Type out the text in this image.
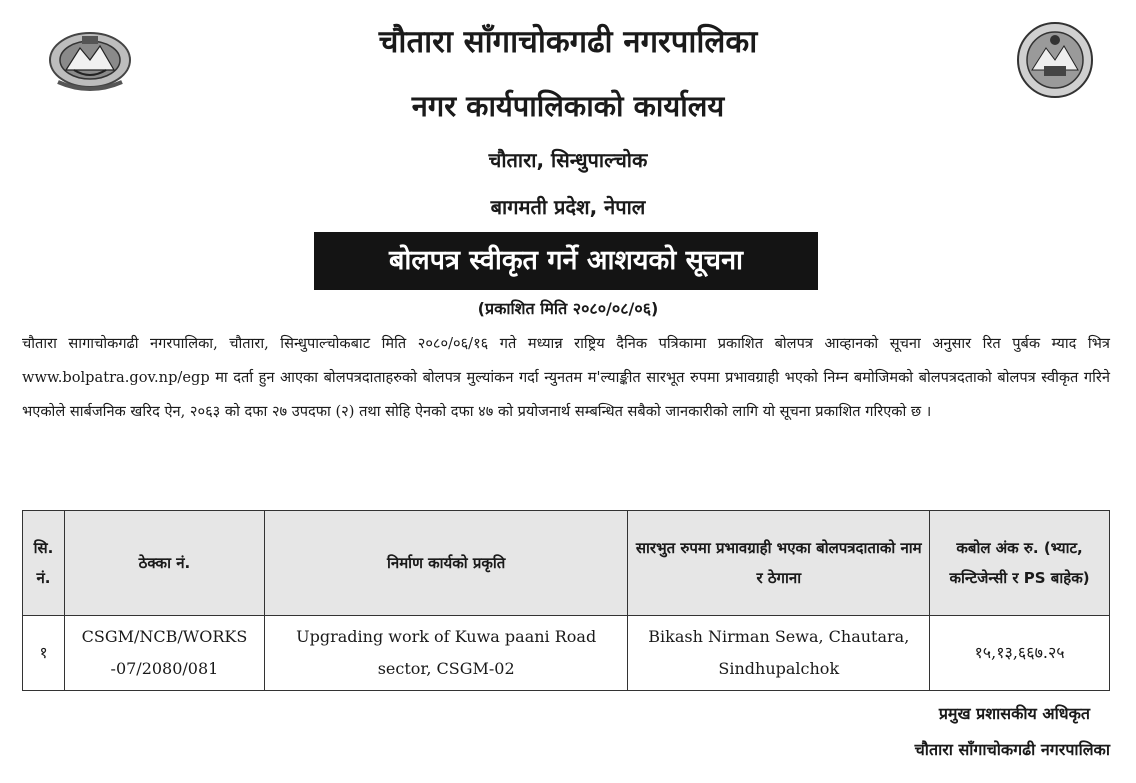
चौतारा साँगाचोकगढी नगरपालिका
नगर कार्यपालिकाको कार्यालय
चौतारा, सिन्धुपाल्चोक
बागमती प्रदेश, नेपाल
बोलपत्र स्वीकृत गर्ने आशयको सूचना
(प्रकाशित मिति २०८०/०८/०६)

चौतारा सागाचोकगढी नगरपालिका, चौतारा, सिन्धुपाल्चोकबाट मिति २०८०/०६/१६ गते मध्यान्न राष्ट्रिय दैनिक पत्रिकामा प्रकाशित बोलपत्र आव्हानको सूचना अनुसार रित पुर्बक म्याद भित्र www.bolpatra.gov.np/egp मा दर्ता हुन आएका बोलपत्रदाताहरुको बोलपत्र मुल्यांकन गर्दा न्युनतम म'ल्याङ्कीत सारभूत रुपमा प्रभावग्राही भएको निम्न बमोजिमको बोलपत्रदताको बोलपत्र स्वीकृत गरिने भएकोले सार्बजनिक खरिद ऐन, २०६३ को दफा २७ उपदफा (२) तथा सोहि ऐनको दफा ४७ को प्रयोजनार्थ सम्बन्धित सबैको जानकारीको लागि यो सूचना प्रकाशित गरिएको छ ।

सि. नं.	ठेक्का नं.	निर्माण कार्यको प्रकृति	सारभुत रुपमा प्रभावग्राही भएका बोलपत्रदाताको नाम र ठेगाना	कबोल अंक रु. (भ्याट, कन्टिजेन्सी र PS बाहेक)
१	CSGM/NCB/WORKS -07/2080/081	Upgrading work of Kuwa paani Road sector, CSGM-02	Bikash Nirman Sewa, Chautara, Sindhupalchok	१५,१३,६६७.२५
प्रमुख प्रशासकीय अधिकृत
चौतारा साँगाचोकगढी नगरपालिका
